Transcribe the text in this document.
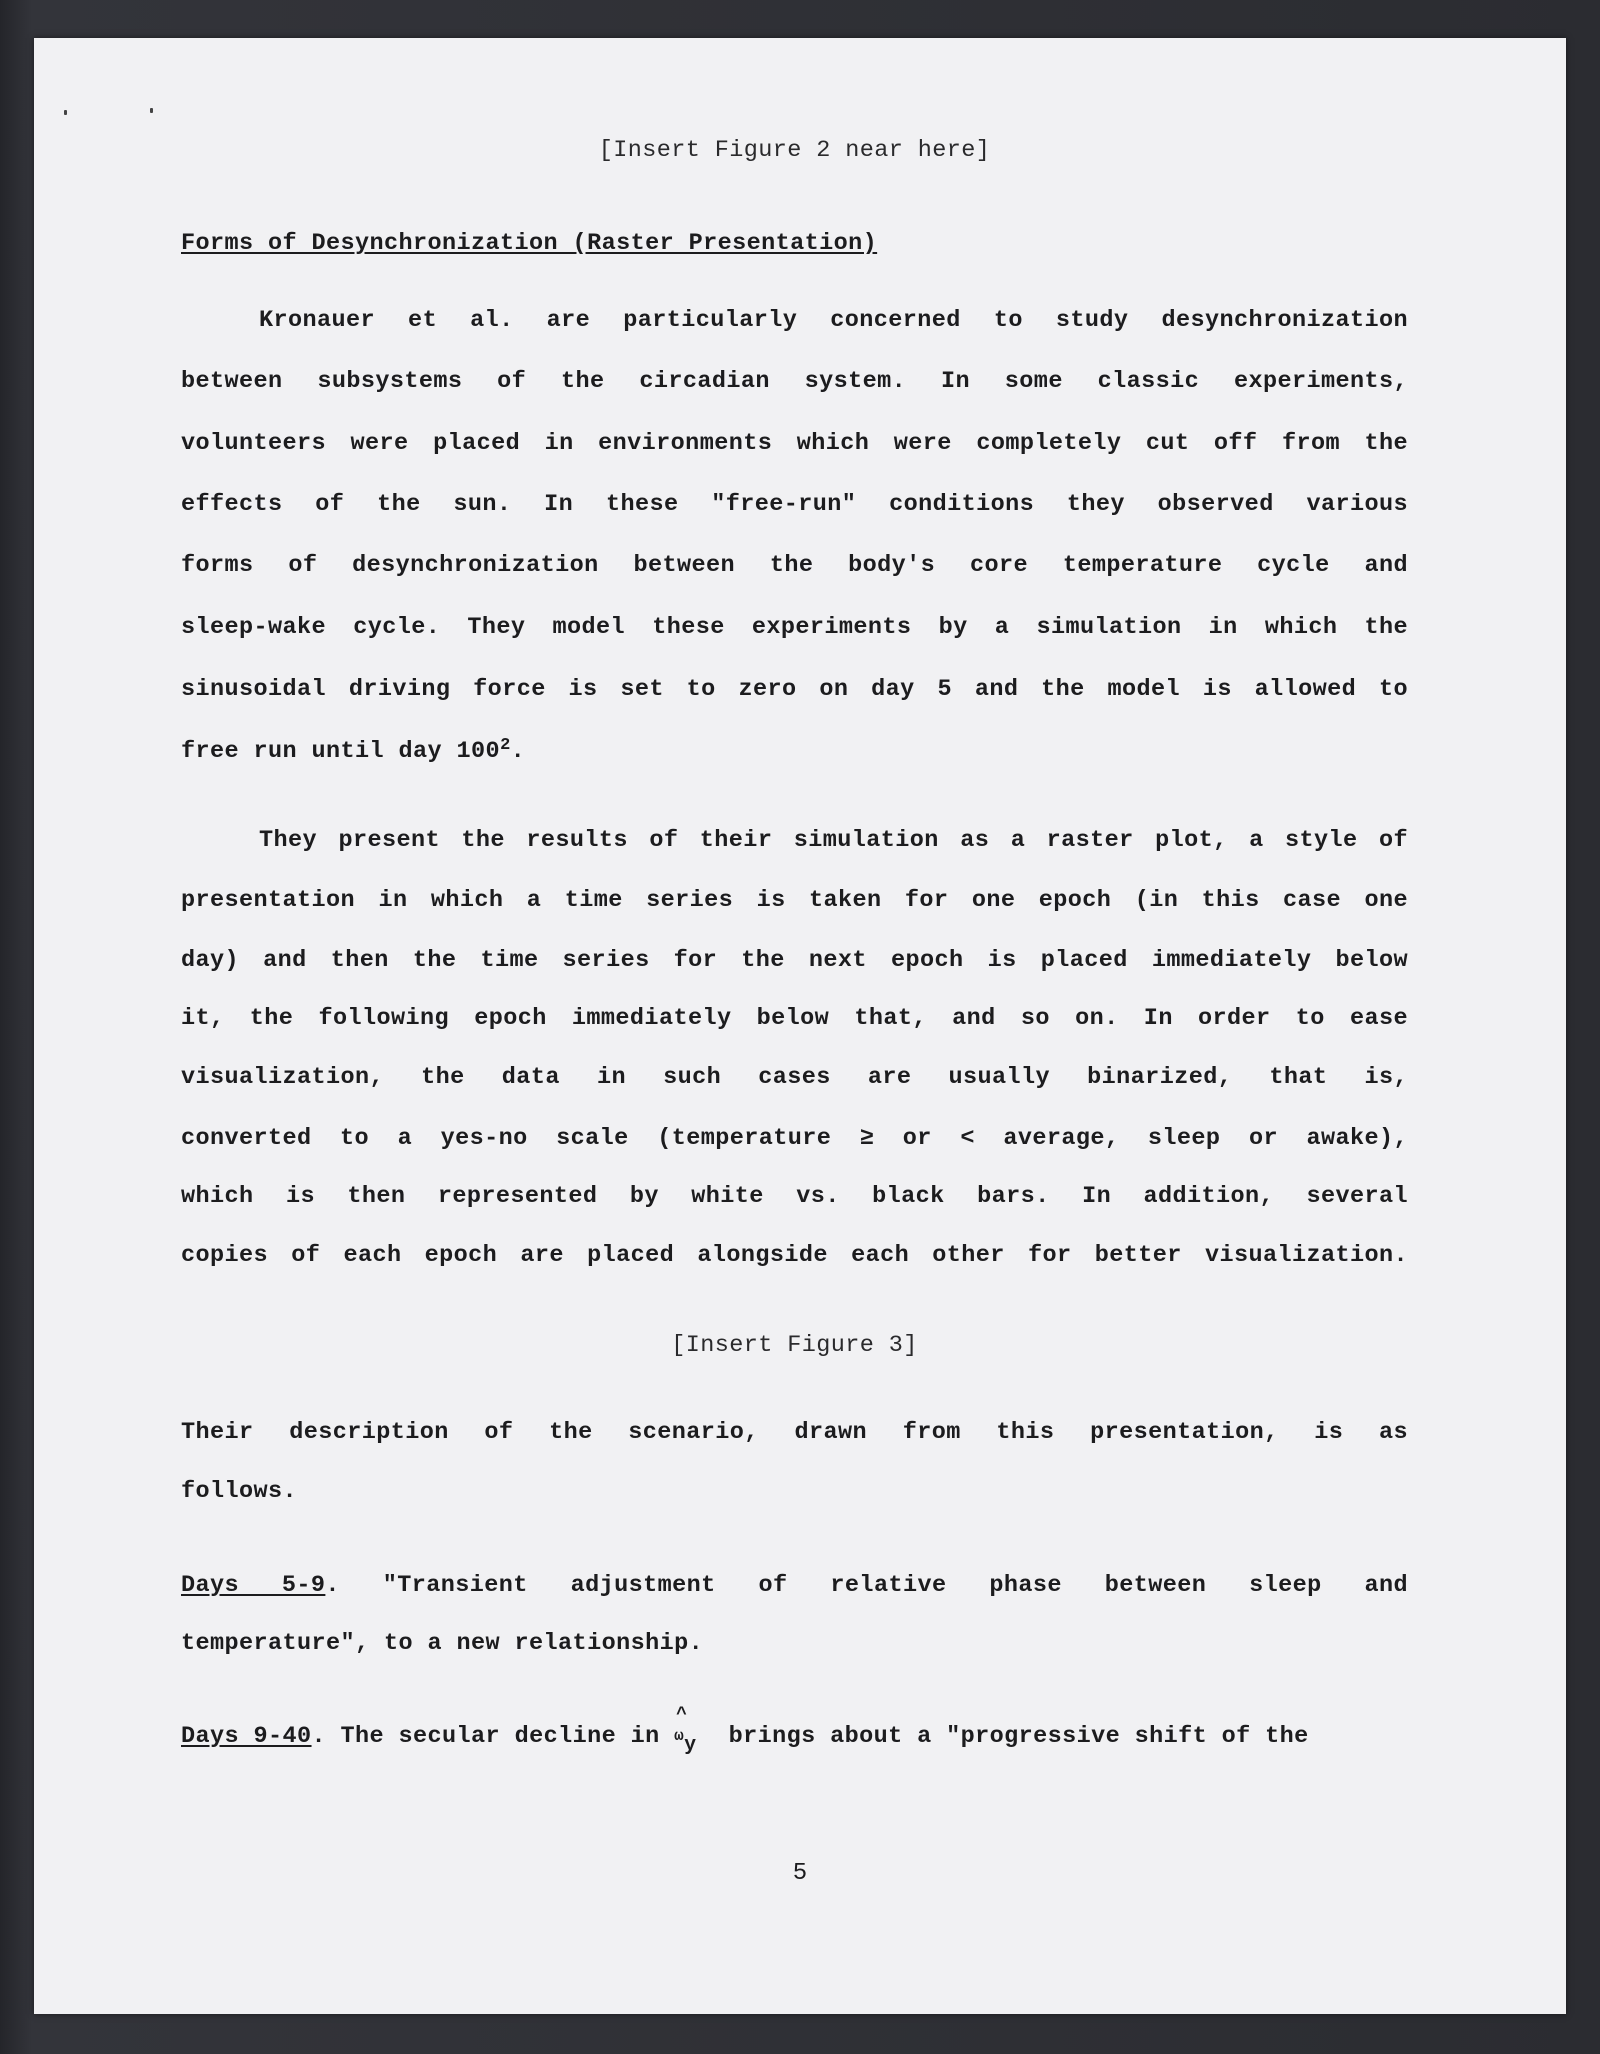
[Insert Figure 2 near here]
Forms of Desynchronization (Raster Presentation)
Kronauer et al. are particularly concerned to study desynchronization
between subsystems of the circadian system. In some classic experiments,
volunteers were placed in environments which were completely cut off from the
effects of the sun. In these "free-run" conditions they observed various
forms of desynchronization between the body's core temperature cycle and
sleep-wake cycle. They model these experiments by a simulation in which the
sinusoidal driving force is set to zero on day 5 and the model is allowed to
free run until day $100^2$.
They present the results of their simulation as a raster plot, a style of
presentation in which a time series is taken for one epoch (in this case one
day) and then the time series for the next epoch is placed immediately below
it, the following epoch immediately below that, and so on. In order to ease
visualization, the data in such cases are usually binarized, that is,
converted to a yes-no scale (temperature ≥ or < average, sleep or awake),
which is then represented by white vs. black bars. In addition, several
copies of each epoch are placed alongside each other for better visualization.
[Insert Figure 3]
Their description of the scenario, drawn from this presentation, is as
follows.
Days 5-9. "Transient adjustment of relative phase between sleep and
temperature", to a new relationship.
Days 9-40. The secular decline in
^
ωy brings about a "progressive shift of the
5
